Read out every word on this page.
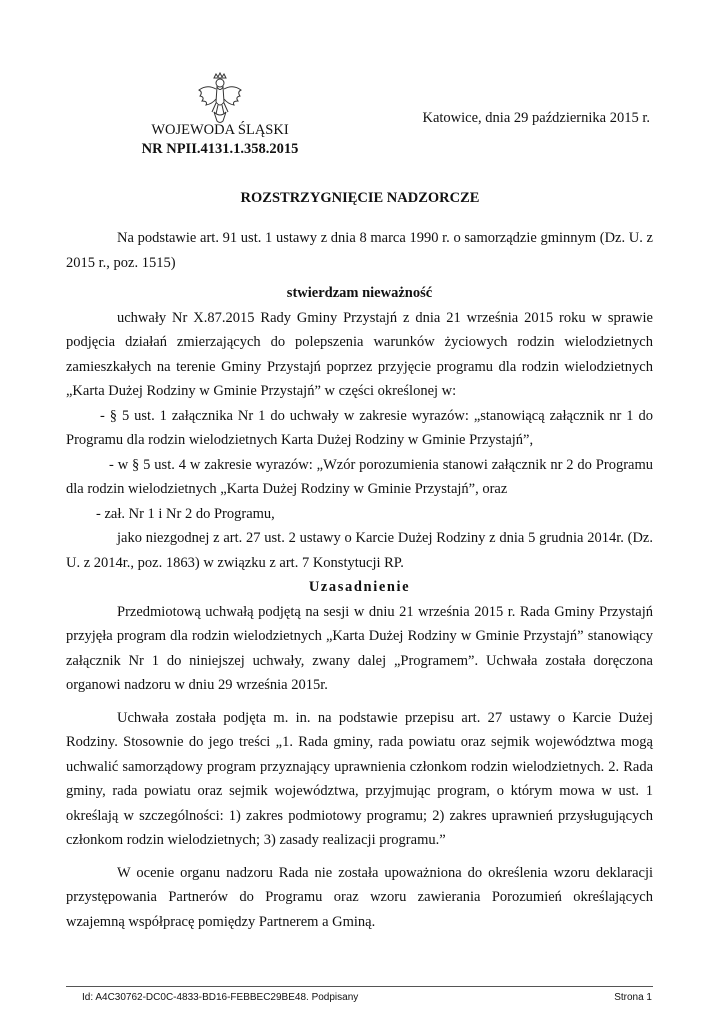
WOJEWODA ŚLĄSKI
NR NPII.4131.1.358.2015
Katowice, dnia 29 października 2015 r.
ROZSTRZYGNIĘCIE NADZORCZE

Na podstawie art. 91 ust. 1 ustawy z dnia 8 marca 1990 r. o samorządzie gminnym (Dz. U. z 2015 r., poz. 1515)

stwierdzam nieważność

uchwały Nr X.87.2015 Rady Gminy Przystajń z dnia 21 września 2015 roku w sprawie podjęcia działań zmierzających do polepszenia warunków życiowych rodzin wielodzietnych zamieszkałych na terenie Gminy Przystajń poprzez przyjęcie programu dla rodzin wielodzietnych „Karta Dużej Rodziny w Gminie Przystajń” w części określonej w:

- § 5 ust. 1 załącznika Nr 1 do uchwały w zakresie wyrazów: „stanowiącą załącznik nr 1 do Programu dla rodzin wielodzietnych Karta Dużej Rodziny w Gminie Przystajń”,

- w § 5 ust. 4 w zakresie wyrazów: „Wzór porozumienia stanowi załącznik nr 2 do Programu dla rodzin wielodzietnych „Karta Dużej Rodziny w Gminie Przystajń”, oraz

- zał. Nr 1 i Nr 2 do Programu,

jako niezgodnej z art. 27 ust. 2 ustawy o Karcie Dużej Rodziny z dnia 5 grudnia 2014r. (Dz. U. z 2014r., poz. 1863) w związku z art. 7 Konstytucji RP.

Uzasadnienie

Przedmiotową uchwałą podjętą na sesji w dniu 21 września 2015 r. Rada Gminy Przystajń przyjęła program dla rodzin wielodzietnych „Karta Dużej Rodziny w Gminie Przystajń” stanowiący załącznik Nr 1 do niniejszej uchwały, zwany dalej „Programem”. Uchwała została doręczona organowi nadzoru w dniu 29 września 2015r.

Uchwała została podjęta m. in. na podstawie przepisu art. 27 ustawy o Karcie Dużej Rodziny. Stosownie do jego treści „1. Rada gminy, rada powiatu oraz sejmik województwa mogą uchwalić samorządowy program przyznający uprawnienia członkom rodzin wielodzietnych. 2. Rada gminy, rada powiatu oraz sejmik województwa, przyjmując program, o którym mowa w ust. 1 określają w szczególności: 1) zakres podmiotowy programu; 2) zakres uprawnień przysługujących członkom rodzin wielodzietnych; 3) zasady realizacji programu.”

W ocenie organu nadzoru Rada nie została upoważniona do określenia wzoru deklaracji przystępowania Partnerów do Programu oraz wzoru zawierania Porozumień określających wzajemną współpracę pomiędzy Partnerem a Gminą.

Id: A4C30762-DC0C-4833-BD16-FEBBEC29BE48. Podpisany	Strona 1
